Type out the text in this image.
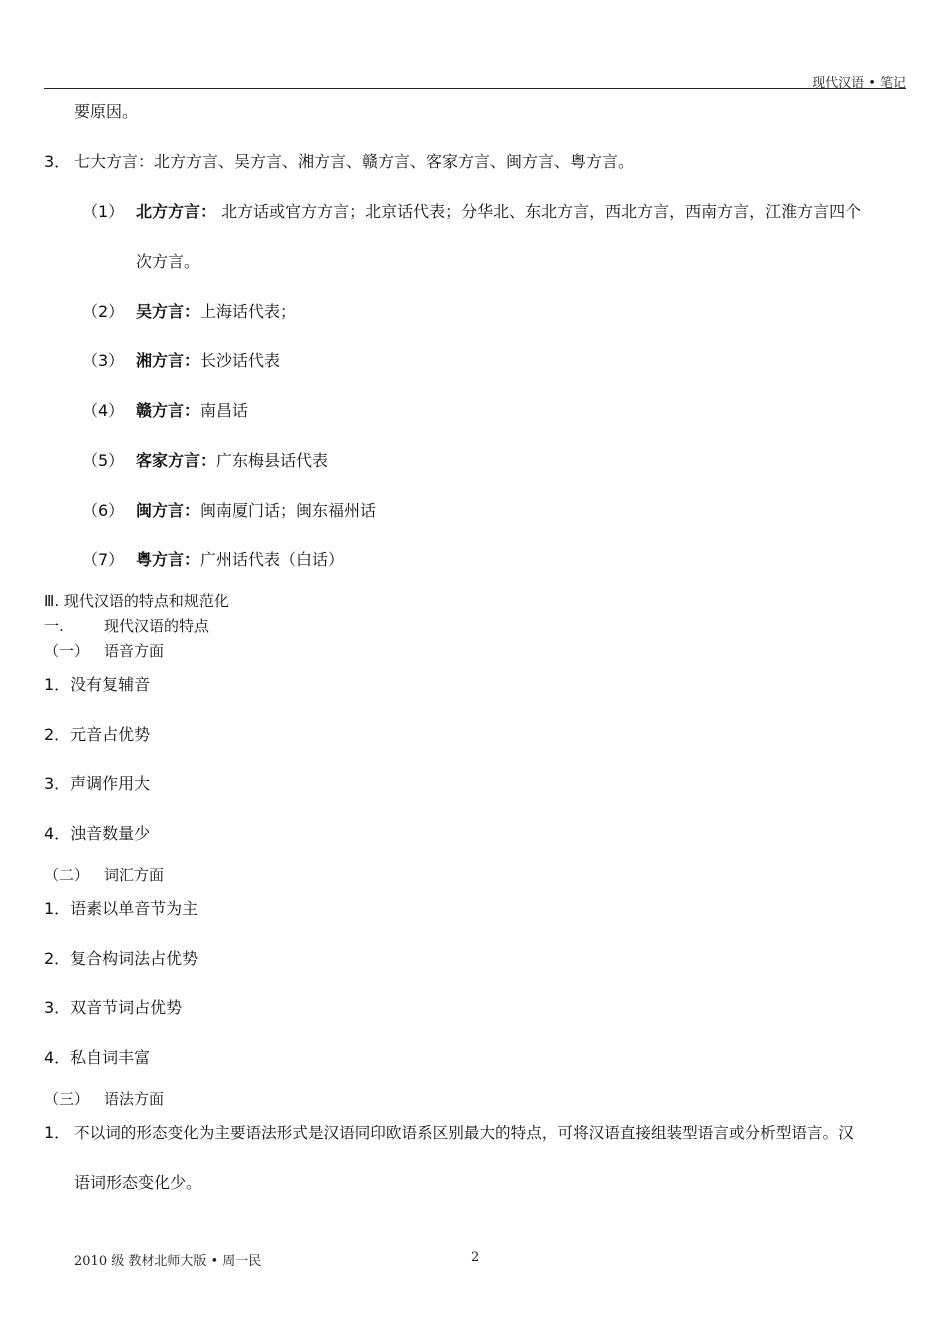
现代汉语 • 笔记
要原因。
3． 七大方言：北方方言、吴方言、湘方言、赣方言、客家方言、闽方言、粤方言。
（1） 北方方言： 北方话或官方方言；北京话代表；分华北、东北方言，西北方言，西南方言，江淮方言四个
次方言。
（2） 吴方言：上海话代表；
（3） 湘方言：长沙话代表
（4） 赣方言：南昌话
（5） 客家方言：广东梅县话代表
（6） 闽方言：闽南厦门话；闽东福州话
（7） 粤方言：广州话代表（白话）
Ⅲ. 现代汉语的特点和规范化
一.	现代汉语的特点
（一） 语音方面
1．没有复辅音
2．元音占优势
3．声调作用大
4．浊音数量少
（二） 词汇方面
1．语素以单音节为主
2．复合构词法占优势
3．双音节词占优势
4．私自词丰富
（三） 语法方面
1． 不以词的形态变化为主要语法形式是汉语同印欧语系区别最大的特点，可将汉语直接组装型语言或分析型语言。汉
语词形态变化少。
2010 级 教材北师大版 • 周一民	2
